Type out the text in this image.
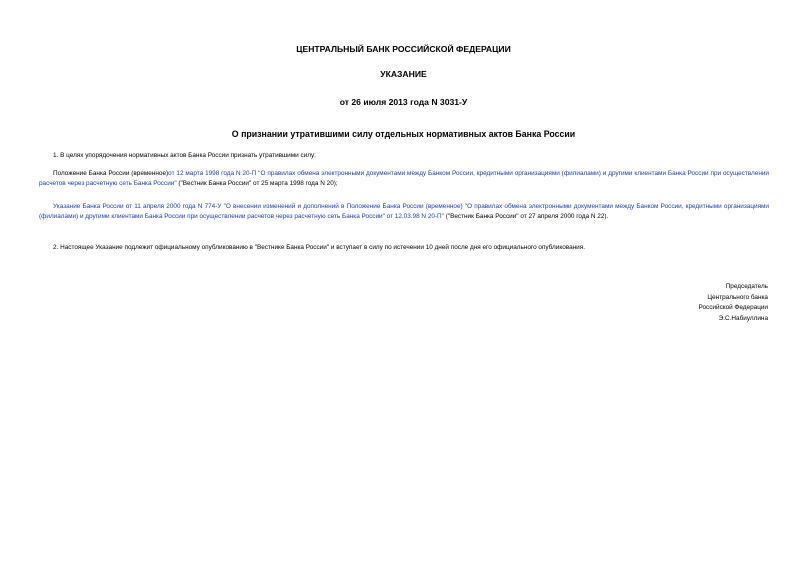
ЦЕНТРАЛЬНЫЙ БАНК РОССИЙСКОЙ ФЕДЕРАЦИИ
УКАЗАНИЕ
от 26 июля 2013 года N 3031-У
О признании утратившими силу отдельных нормативных актов Банка России
1. В целях упорядочения нормативных актов Банка России признать утратившими силу:
Положение Банка России (временное)от 12 марта 1998 года N 20-П "О правилах обмена электронными документами между Банком России, кредитными организациями (филиалами) и другими клиентами Банка России при осуществлении расчетов через расчетную сеть Банка России" ("Вестник Банка России" от 25 марта 1998 года N 20);
Указание Банка России от 11 апреля 2000 года N 774-У "О внесении изменений и дополнений в Положение Банка России (временное) "О правилах обмена электронными документами между Банком России, кредитными организациями (филиалами) и другими клиентами Банка России при осуществлении расчетов через расчетную сеть Банка России" от 12.03.98 N 20-П" ("Вестник Банка России" от 27 апреля 2000 года N 22).
2. Настоящее Указание подлежит официальному опубликованию в "Вестнике Банка России" и вступает в силу по истечении 10 дней после дня его официального опубликования.
Председатель
Центрального банка
Российской Федерации
Э.С.Набиуллина
